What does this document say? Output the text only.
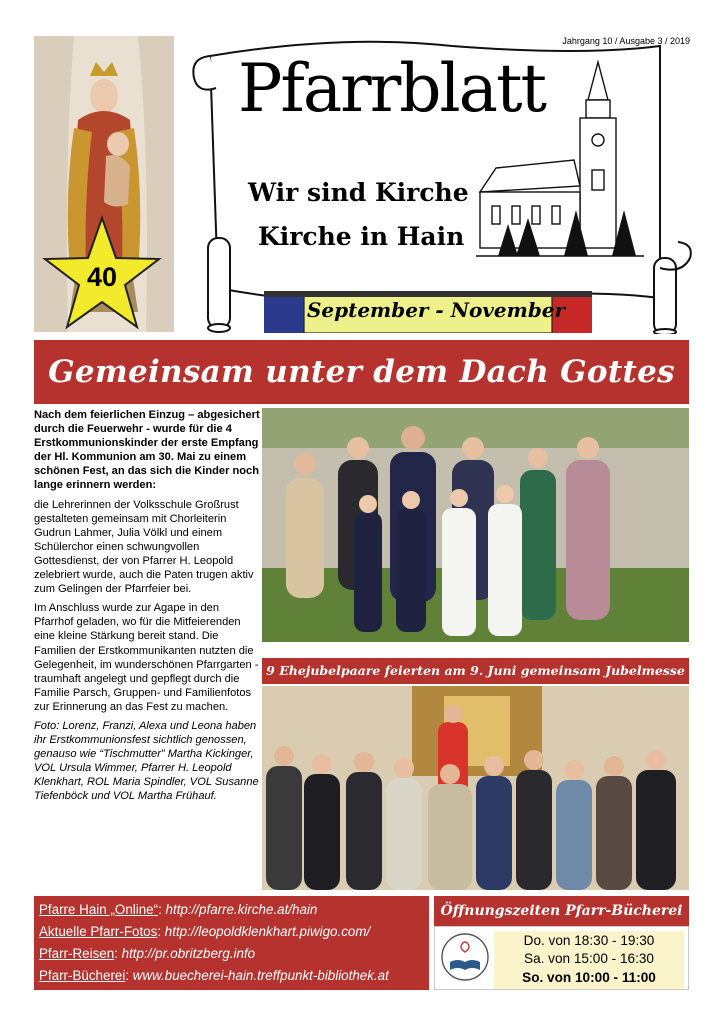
Jahrgang 10 / Ausgabe 3 / 2019
40
Pfarrblatt
Wir sind Kirche
Kirche in Hain
September - November
Gemeinsam unter dem Dach Gottes

Nach dem feierlichen Einzug – abgesichert durch die Feuerwehr - wurde für die 4 Erstkommunionskinder der erste Empfang der Hl. Kommunion am 30. Mai zu einem schönen Fest, an das sich die Kinder noch lange erinnern werden:

die Lehrerinnen der Volksschule Großrust gestalteten gemeinsam mit Chorleiterin Gudrun Lahmer, Julia Völkl und einem Schülerchor einen schwungvollen Gottesdienst, der von Pfarrer H. Leopold zelebriert wurde, auch die Paten trugen aktiv zum Gelingen der Pfarrfeier bei.

Im Anschluss wurde zur Agape in den Pfarrhof geladen, wo für die Mitfeierenden eine kleine Stärkung bereit stand. Die Familien der Erstkommunikanten nutzten die Gelegenheit, im wunderschönen Pfarrgarten - traumhaft angelegt und gepflegt durch die Familie Parsch, Gruppen- und Familienfotos zur Erinnerung an das Fest zu machen.

Foto: Lorenz, Franzi, Alexa und Leona haben ihr Erstkommunionsfest sichtlich genossen, genauso wie “Tischmutter” Martha Kickinger, VOL Ursula Wimmer, Pfarrer H. Leopold Klenkhart, ROL Maria Spindler, VOL Susanne Tiefenböck und VOL Martha Frühauf.

9 Ehejubelpaare feierten am 9. Juni gemeinsam Jubelmesse
Pfarre Hain „Online“: http://pfarre.kirche.at/hain
Aktuelle Pfarr-Fotos: http://leopoldklenkhart.piwigo.com/
Pfarr-Reisen: http://pr.obritzberg.info
Pfarr-Bücherei: www.buecherei-hain.treffpunkt-bibliothek.at
Öffnungszeiten Pfarr-Bücherei
Do. von 18:30 - 19:30
Sa. von 15:00 - 16:30
So. von 10:00 - 11:00
